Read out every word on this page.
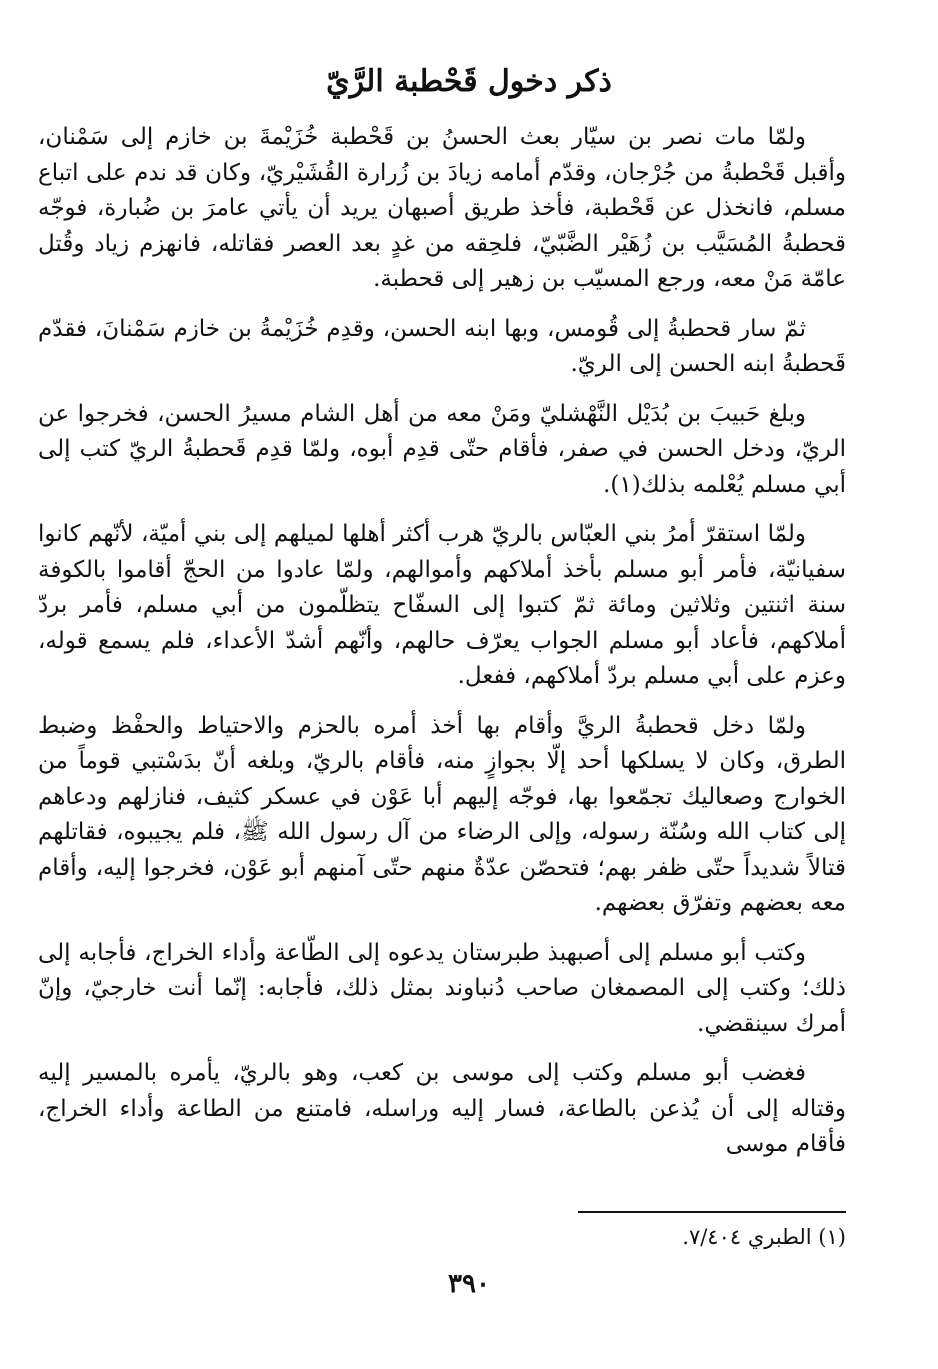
ذكر دخول قَحْطبة الرَّيّ

ولمّا مات نصر بن سيّار بعث الحسنُ بن قَحْطبة خُزَيْمةَ بن خازم إلى سَمْنان، وأقبل قَحْطبةُ من جُرْجان، وقدّم أمامه زيادَ بن زُرارة القُشَيْريّ، وكان قد ندم على اتباع مسلم، فانخذل عن قَحْطبة، فأخذ طريق أصبهان يريد أن يأتي عامرَ بن ضُبارة، فوجّه قحطبةُ المُسَيَّب بن زُهَيْر الضَّبّيّ، فلحِقه من غدٍ بعد العصر فقاتله، فانهزم زياد وقُتل عامّة مَنْ معه، ورجع المسيّب بن زهير إلى قحطبة.

ثمّ سار قحطبةُ إلى قُومس، وبها ابنه الحسن، وقدِم خُزَيْمةُ بن خازم سَمْنانَ، فقدّم قَحطبةُ ابنه الحسن إلى الريّ.

وبلغ حَبيبَ بن بُدَيْل النَّهْشليّ ومَنْ معه من أهل الشام مسيرُ الحسن، فخرجوا عن الريّ، ودخل الحسن في صفر، فأقام حتّى قدِم أبوه، ولمّا قدِم قَحطبةُ الريّ كتب إلى أبي مسلم يُعْلمه بذلك(١).

ولمّا استقرّ أمرُ بني العبّاس بالريّ هرب أكثر أهلها لميلهم إلى بني أميّة، لأنّهم كانوا سفيانيّة، فأمر أبو مسلم بأخذ أملاكهم وأموالهم، ولمّا عادوا من الحجّ أقاموا بالكوفة سنة اثنتين وثلاثين ومائة ثمّ كتبوا إلى السفّاح يتظلّمون من أبي مسلم، فأمر بردّ أملاكهم، فأعاد أبو مسلم الجواب يعرّف حالهم، وأنّهم أشدّ الأعداء، فلم يسمع قوله، وعزم على أبي مسلم بردّ أملاكهم، ففعل.

ولمّا دخل قحطبةُ الريَّ وأقام بها أخذ أمره بالحزم والاحتياط والحفْظ وضبط الطرق، وكان لا يسلكها أحد إلّا بجوازٍ منه، فأقام بالريّ، وبلغه أنّ بدَسْتبي قوماً من الخوارج وصعاليك تجمّعوا بها، فوجّه إليهم أبا عَوْن في عسكر كثيف، فنازلهم ودعاهم إلى كتاب الله وسُنّة رسوله، وإلى الرضاء من آل رسول الله ﷺ، فلم يجيبوه، فقاتلهم قتالاً شديداً حتّى ظفر بهم؛ فتحصّن عدّةٌ منهم حتّى آمنهم أبو عَوْن، فخرجوا إليه، وأقام معه بعضهم وتفرّق بعضهم.

وكتب أبو مسلم إلى أصبهبذ طبرستان يدعوه إلى الطّاعة وأداء الخراج، فأجابه إلى ذلك؛ وكتب إلى المصمغان صاحب دُنباوند بمثل ذلك، فأجابه: إنّما أنت خارجيّ، وإنّ أمرك سينقضي.

فغضب أبو مسلم وكتب إلى موسى بن كعب، وهو بالريّ، يأمره بالمسير إليه وقتاله إلى أن يُذعن بالطاعة، فسار إليه وراسله، فامتنع من الطاعة وأداء الخراج، فأقام موسى

(١) الطبري ٧/٤٠٤.
٣٩٠
